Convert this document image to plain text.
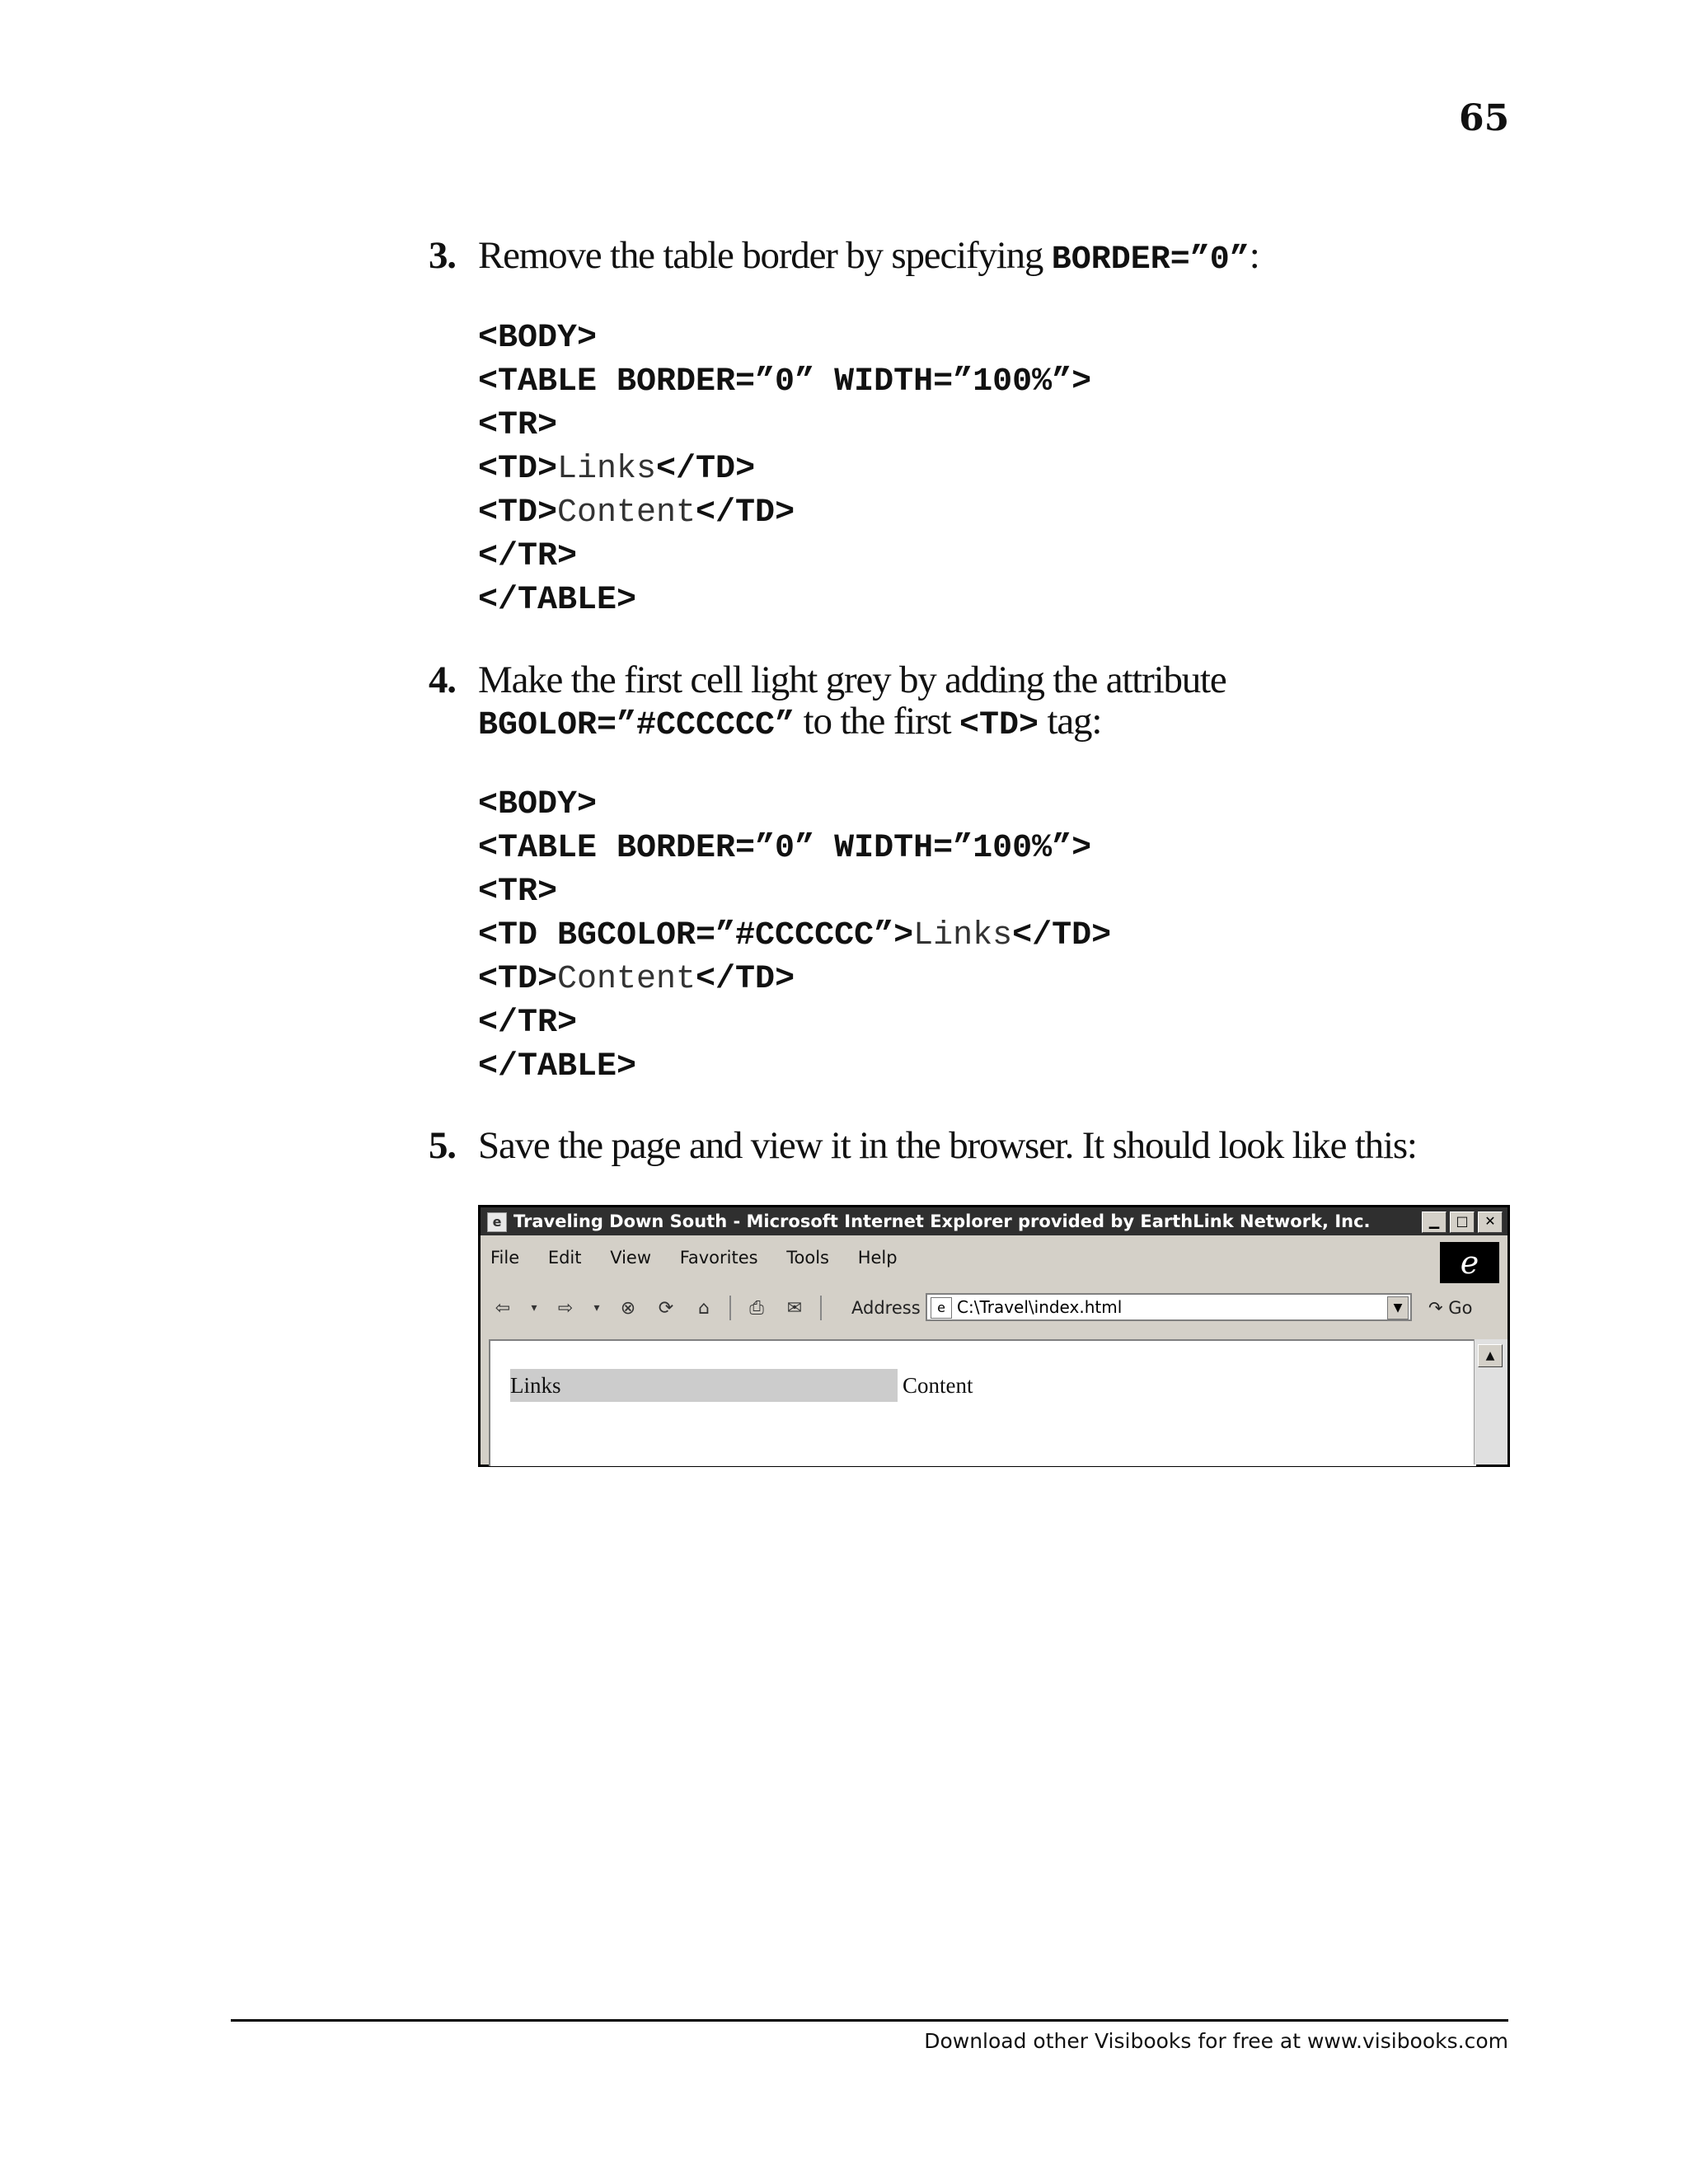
65
3. Remove the table border by specifying BORDER=”0”:
<BODY>
<TABLE BORDER=”0” WIDTH=”100%”>
<TR>
<TD>Links</TD>
<TD>Content</TD>
</TR>
</TABLE>
4. Make the first cell light grey by adding the attribute
BGOLOR=”#CCCCCC” to the first <TD> tag:
<BODY>
<TABLE BORDER=”0” WIDTH=”100%”>
<TR>
<TD BGCOLOR=”#CCCCCC”>Links</TD>
<TD>Content</TD>
</TR>
</TABLE>
5. Save the page and view it in the browser. It should look like this:
e Traveling Down South - Microsoft Internet Explorer provided by EarthLink Network, Inc.	▁	□	✕
File Edit View Favorites Tools Help	e
⇦	▾ ⇨	▾ ⊗ ⟳	⌂	⎙ ✉	Address	e C:\Travel\index.html	▼	↷ Go
Links	Content
▲
Download other Visibooks for free at www.visibooks.com
